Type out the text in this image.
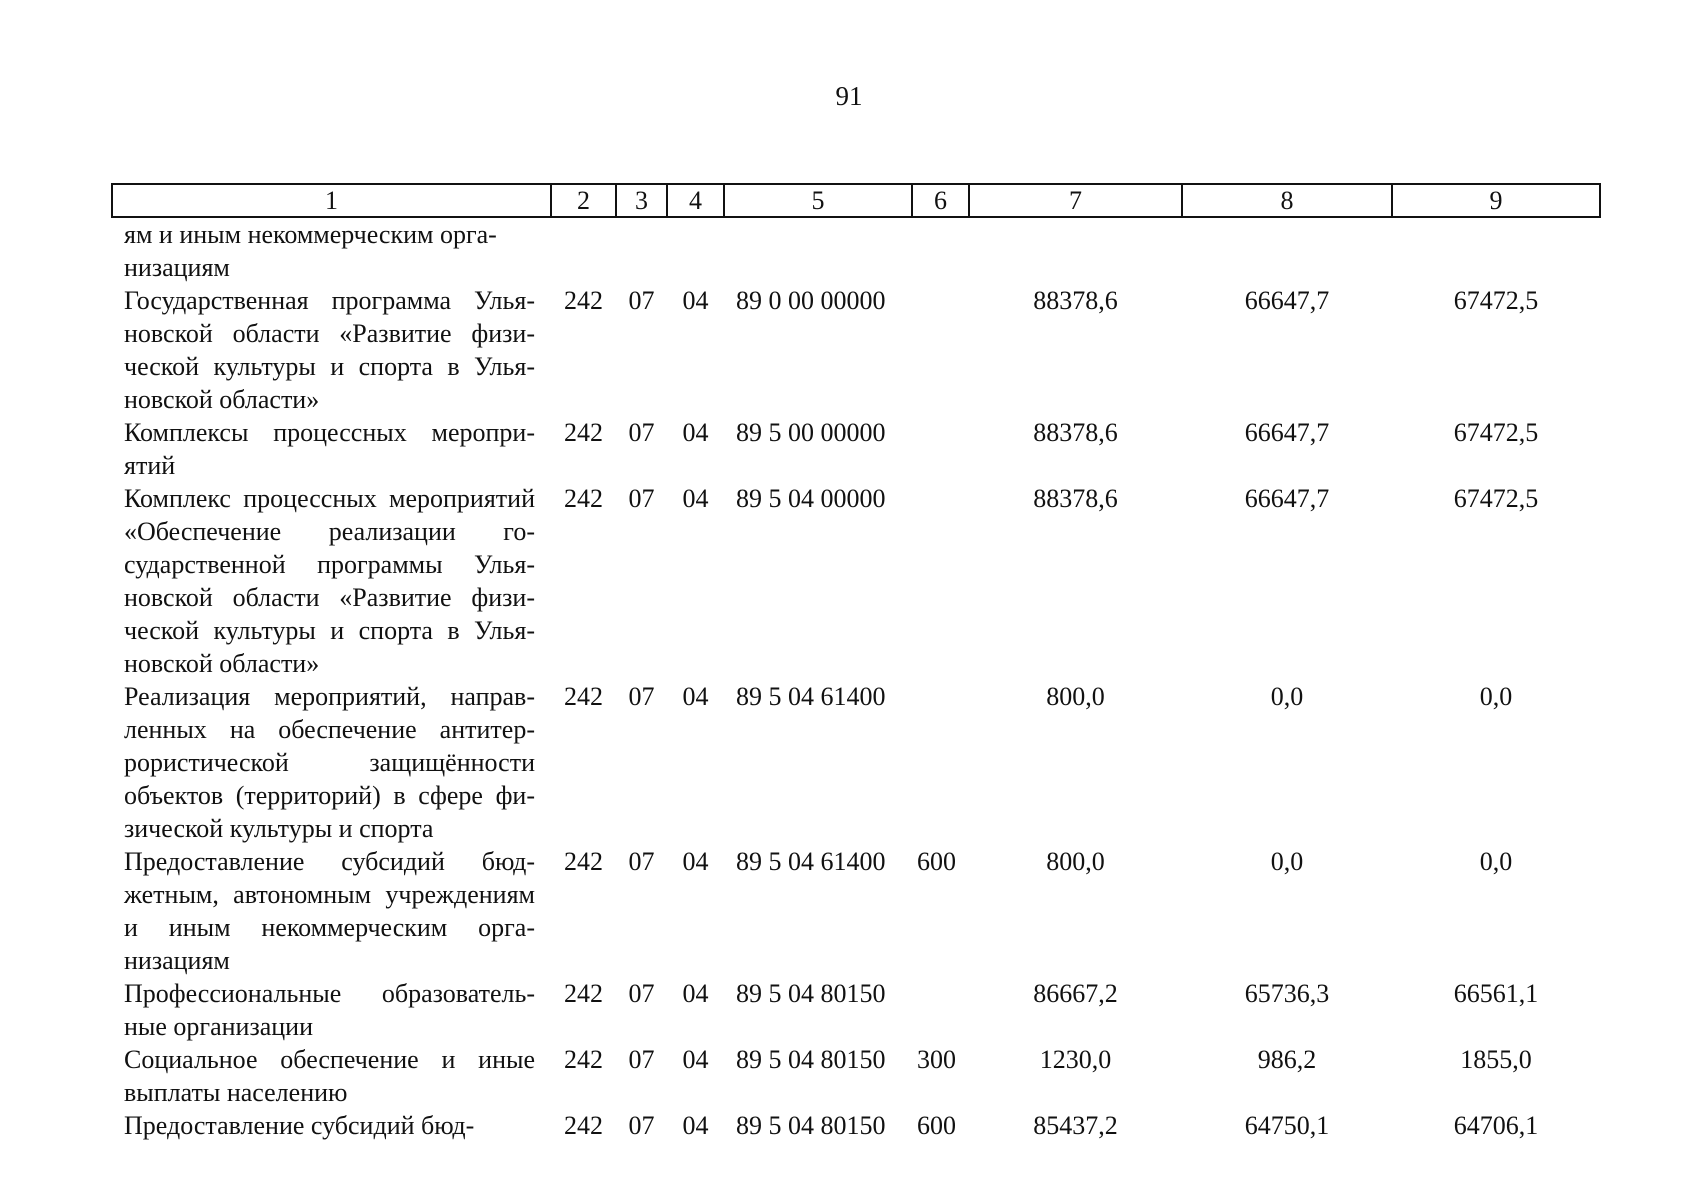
91
1	2	3	4	5	6	7	8	9
ям и иным некоммерческим орга-
низациям								
Государственная программа Ульяновской области «Развитие физической культуры и спорта в Ульяновской области»	242	07	04	89 0 00 00000		88378,6	66647,7	67472,5
Комплексы процессных мероприятий	242	07	04	89 5 00 00000		88378,6	66647,7	67472,5
Комплекс процессных мероприятий «Обеспечение реализации государственной программы Ульяновской области «Развитие физической культуры и спорта в Ульяновской области»	242	07	04	89 5 04 00000		88378,6	66647,7	67472,5
Реализация мероприятий, направленных на обеспечение антитеррористической защищённости объектов (территорий) в сфере физической культуры и спорта	242	07	04	89 5 04 61400		800,0	0,0	0,0
Предоставление субсидий бюджетным, автономным учреждениям и иным некоммерческим организациям	242	07	04	89 5 04 61400	600	800,0	0,0	0,0
Профессиональные образовательные организации	242	07	04	89 5 04 80150		86667,2	65736,3	66561,1
Социальное обеспечение и иные выплаты населению	242	07	04	89 5 04 80150	300	1230,0	986,2	1855,0
Предоставление субсидий бюд-	242	07	04	89 5 04 80150	600	85437,2	64750,1	64706,1
